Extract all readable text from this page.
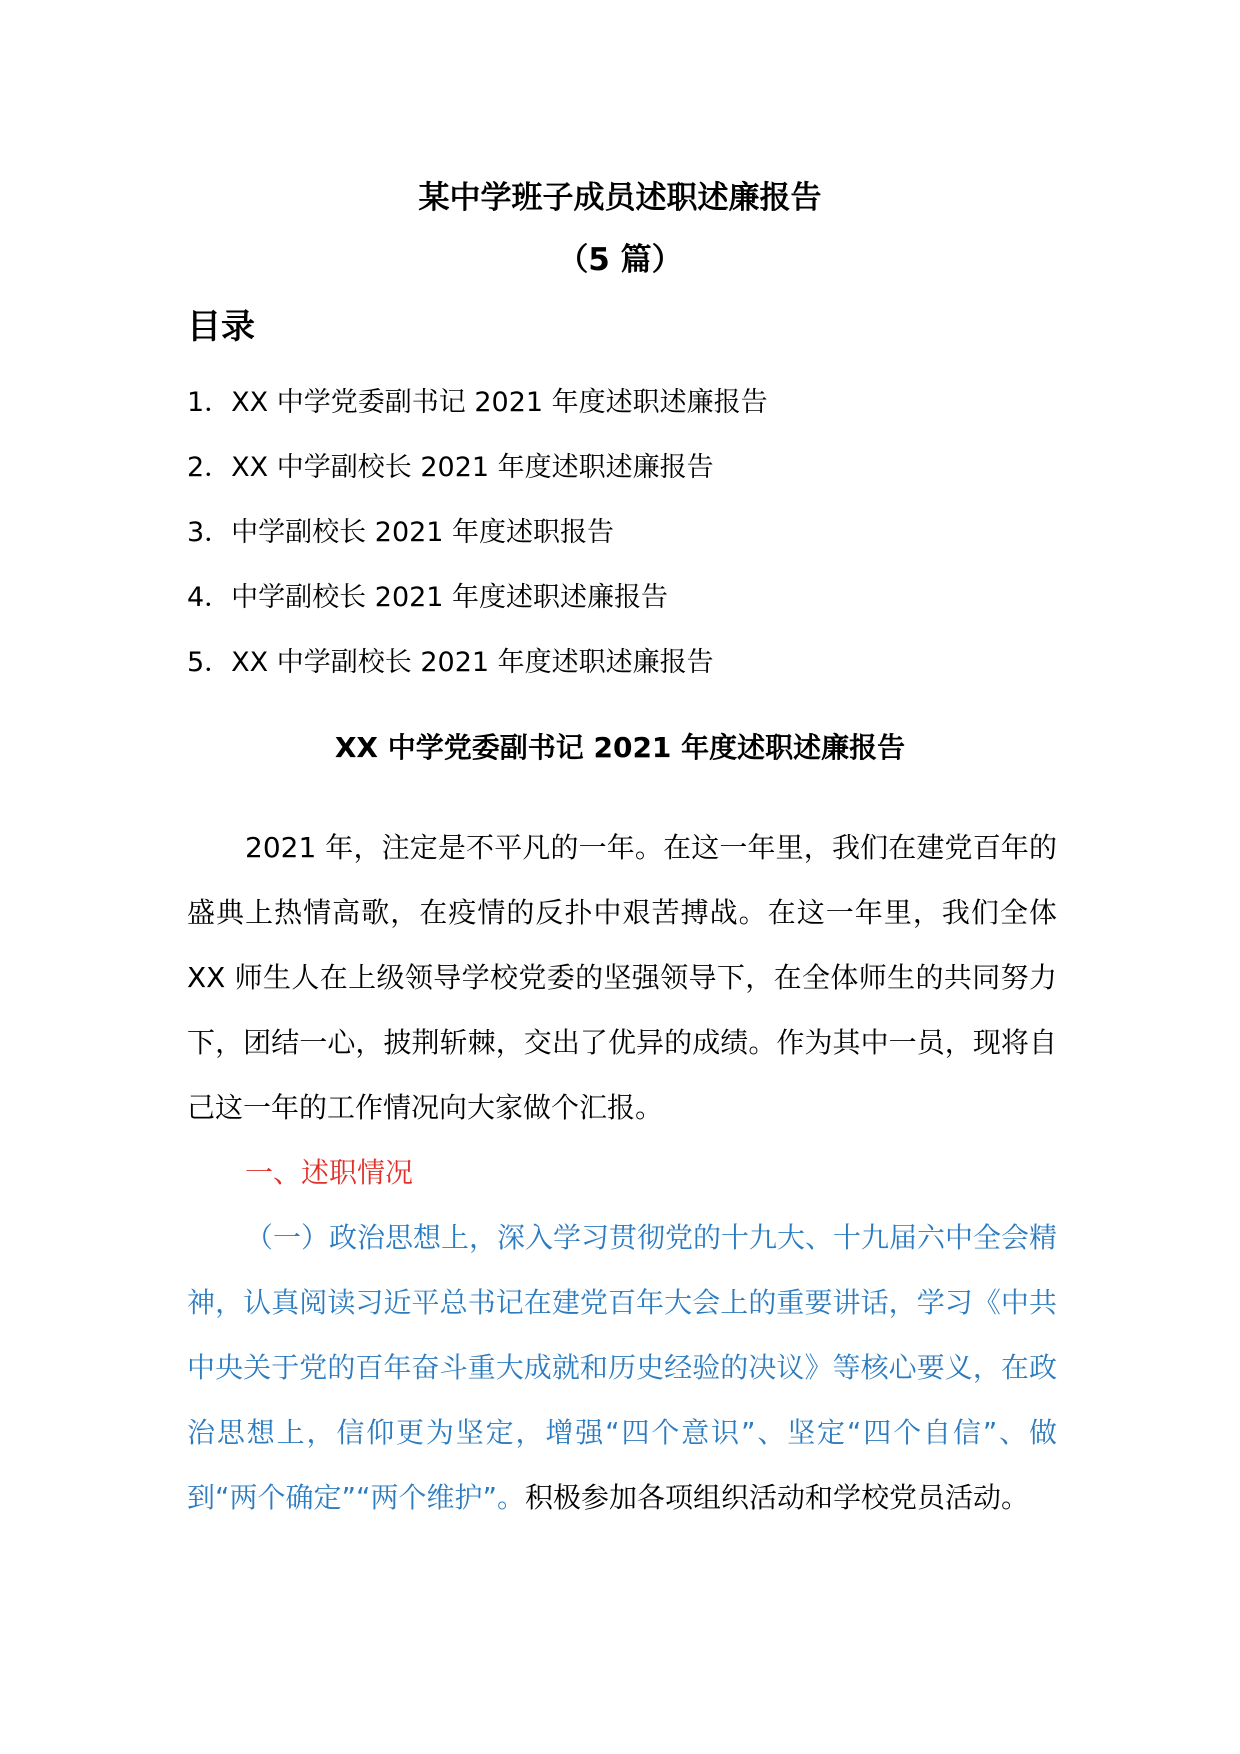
某中学班子成员述职述廉报告
（5 篇）
目录
1．XX 中学党委副书记 2021 年度述职述廉报告
2．XX 中学副校长 2021 年度述职述廉报告
3．中学副校长 2021 年度述职报告
4．中学副校长 2021 年度述职述廉报告
5．XX 中学副校长 2021 年度述职述廉报告
XX 中学党委副书记 2021 年度述职述廉报告

2021 年，注定是不平凡的一年。在这一年里，我们在建党百年的盛典上热情高歌，在疫情的反扑中艰苦搏战。在这一年里，我们全体 XX 师生人在上级领导学校党委的坚强领导下，在全体师生的共同努力下，团结一心，披荆斩棘，交出了优异的成绩。作为其中一员，现将自己这一年的工作情况向大家做个汇报。

一、述职情况

（一）政治思想上，深入学习贯彻党的十九大、十九届六中全会精神，认真阅读习近平总书记在建党百年大会上的重要讲话，学习《中共中央关于党的百年奋斗重大成就和历史经验的决议》等核心要义，在政治思想上，信仰更为坚定，增强“四个意识”、坚定“四个自信”、做到“两个确定”“两个维护”。积极参加各项组织活动和学校党员活动。
